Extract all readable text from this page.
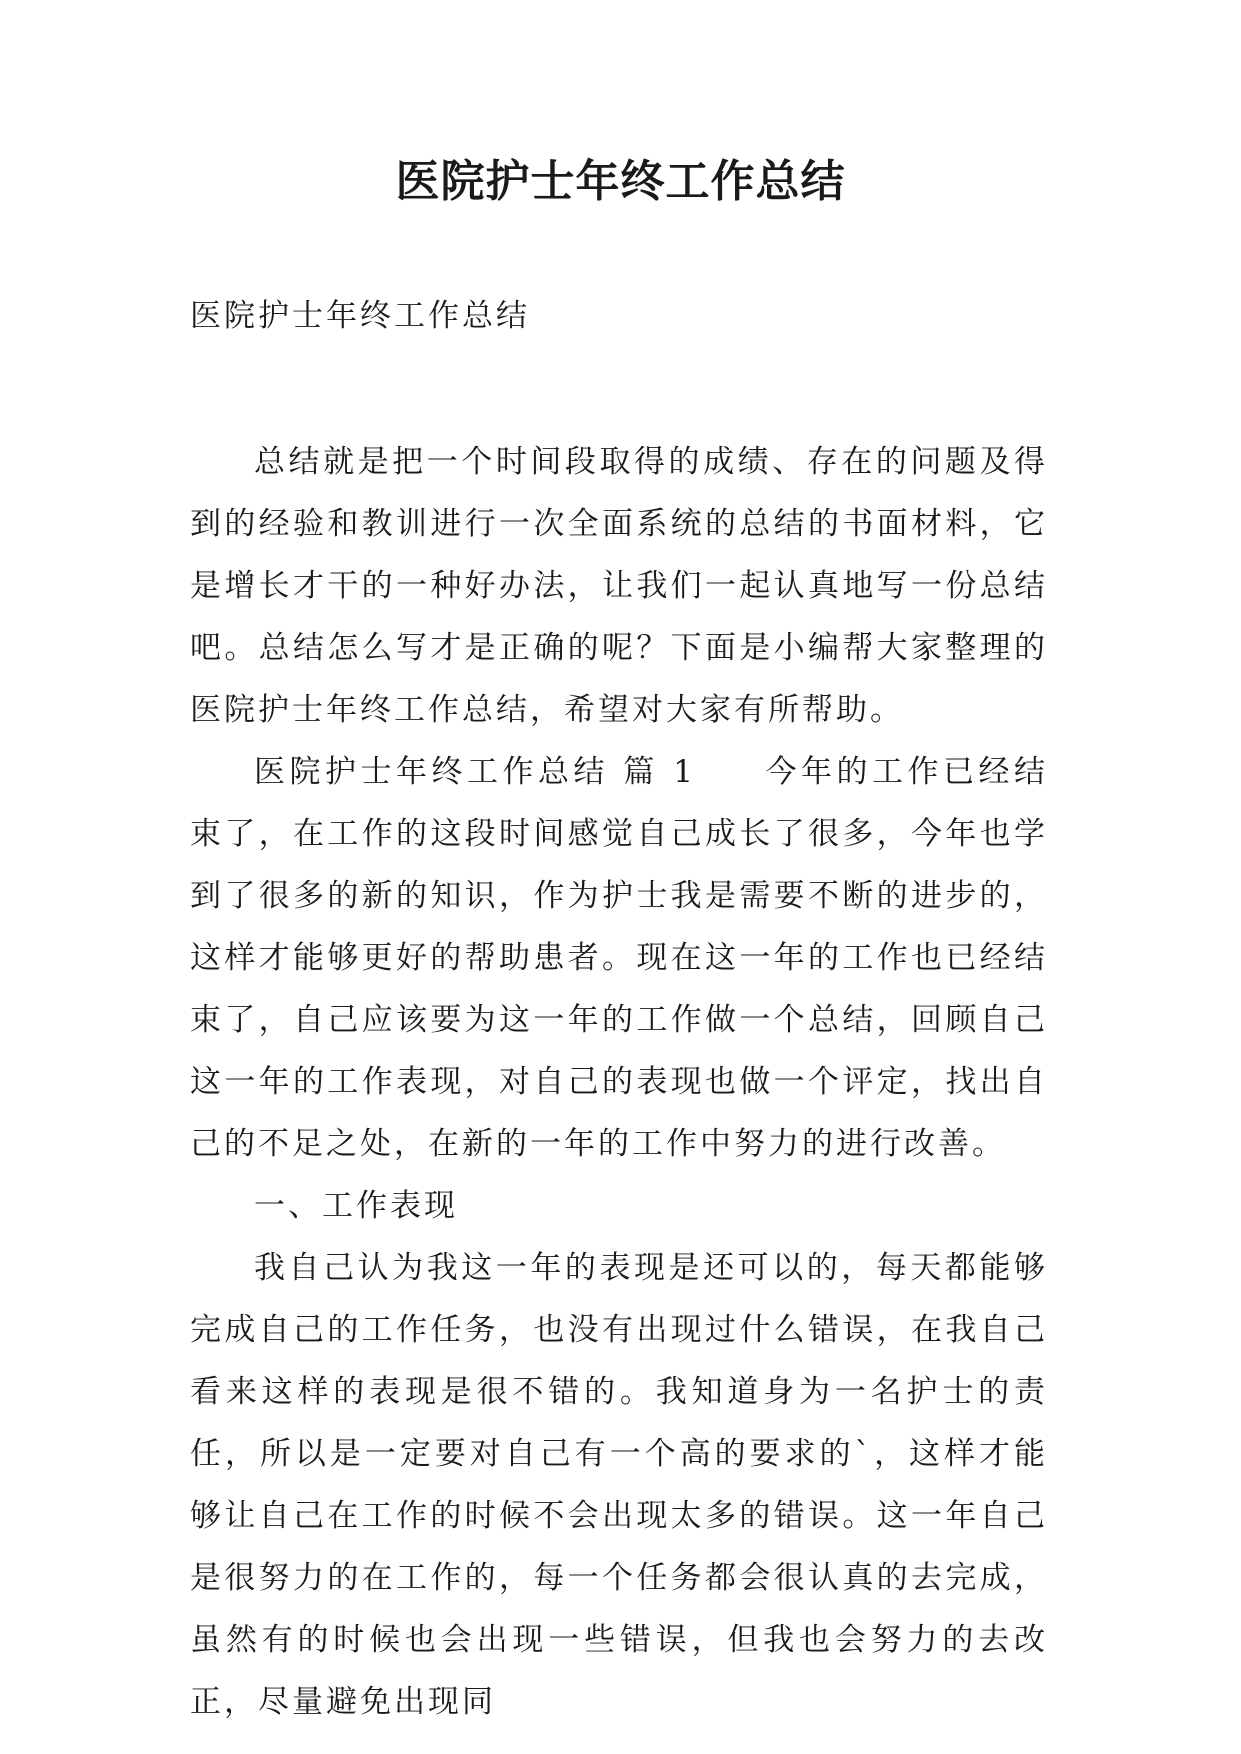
医院护士年终工作总结

医院护士年终工作总结

总结就是把一个时间段取得的成绩、存在的问题及得到的经验和教训进行一次全面系统的总结的书面材料，它是增长才干的一种好办法，让我们一起认真地写一份总结吧。总结怎么写才是正确的呢？下面是小编帮大家整理的医院护士年终工作总结，希望对大家有所帮助。

医院护士年终工作总结 篇 1 今年的工作已经结束了，在工作的这段时间感觉自己成长了很多，今年也学到了很多的新的知识，作为护士我是需要不断的进步的，这样才能够更好的帮助患者。现在这一年的工作也已经结束了，自己应该要为这一年的工作做一个总结，回顾自己这一年的工作表现，对自己的表现也做一个评定，找出自己的不足之处，在新的一年的工作中努力的进行改善。

一、工作表现

我自己认为我这一年的表现是还可以的，每天都能够完成自己的工作任务，也没有出现过什么错误，在我自己看来这样的表现是很不错的。我知道身为一名护士的责任，所以是一定要对自己有一个高的要求的`，这样才能够让自己在工作的时候不会出现太多的错误。这一年自己是很努力的在工作的，每一个任务都会很认真的去完成，虽然有的时候也会出现一些错误，但我也会努力的去改正，尽量避免出现同
